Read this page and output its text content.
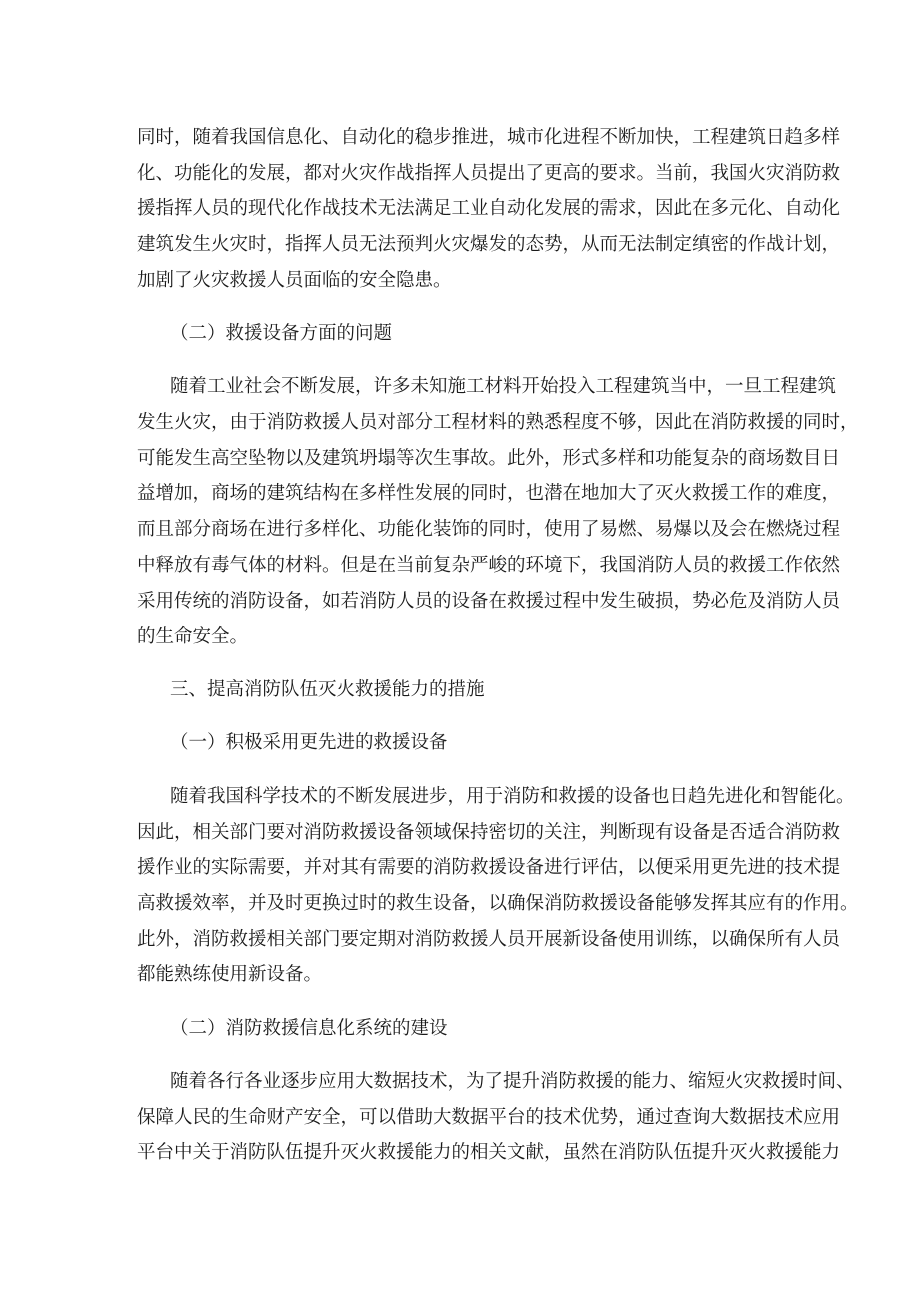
同时，随着我国信息化、自动化的稳步推进，城市化进程不断加快，工程建筑日趋多样
化、功能化的发展，都对火灾作战指挥人员提出了更高的要求。当前，我国火灾消防救
援指挥人员的现代化作战技术无法满足工业自动化发展的需求，因此在多元化、自动化
建筑发生火灾时，指挥人员无法预判火灾爆发的态势，从而无法制定缜密的作战计划，
加剧了火灾救援人员面临的安全隐患。
（二）救援设备方面的问题
随着工业社会不断发展，许多未知施工材料开始投入工程建筑当中，一旦工程建筑
发生火灾，由于消防救援人员对部分工程材料的熟悉程度不够，因此在消防救援的同时，
可能发生高空坠物以及建筑坍塌等次生事故。此外，形式多样和功能复杂的商场数目日
益增加，商场的建筑结构在多样性发展的同时，也潜在地加大了灭火救援工作的难度，
而且部分商场在进行多样化、功能化装饰的同时，使用了易燃、易爆以及会在燃烧过程
中释放有毒气体的材料。但是在当前复杂严峻的环境下，我国消防人员的救援工作依然
采用传统的消防设备，如若消防人员的设备在救援过程中发生破损，势必危及消防人员
的生命安全。
三、提高消防队伍灭火救援能力的措施
（一）积极采用更先进的救援设备
随着我国科学技术的不断发展进步，用于消防和救援的设备也日趋先进化和智能化。
因此，相关部门要对消防救援设备领域保持密切的关注，判断现有设备是否适合消防救
援作业的实际需要，并对其有需要的消防救援设备进行评估，以便采用更先进的技术提
高救援效率，并及时更换过时的救生设备，以确保消防救援设备能够发挥其应有的作用。
此外，消防救援相关部门要定期对消防救援人员开展新设备使用训练，以确保所有人员
都能熟练使用新设备。
（二）消防救援信息化系统的建设
随着各行各业逐步应用大数据技术，为了提升消防救援的能力、缩短火灾救援时间、
保障人民的生命财产安全，可以借助大数据平台的技术优势，通过查询大数据技术应用
平台中关于消防队伍提升灭火救援能力的相关文献，虽然在消防队伍提升灭火救援能力
